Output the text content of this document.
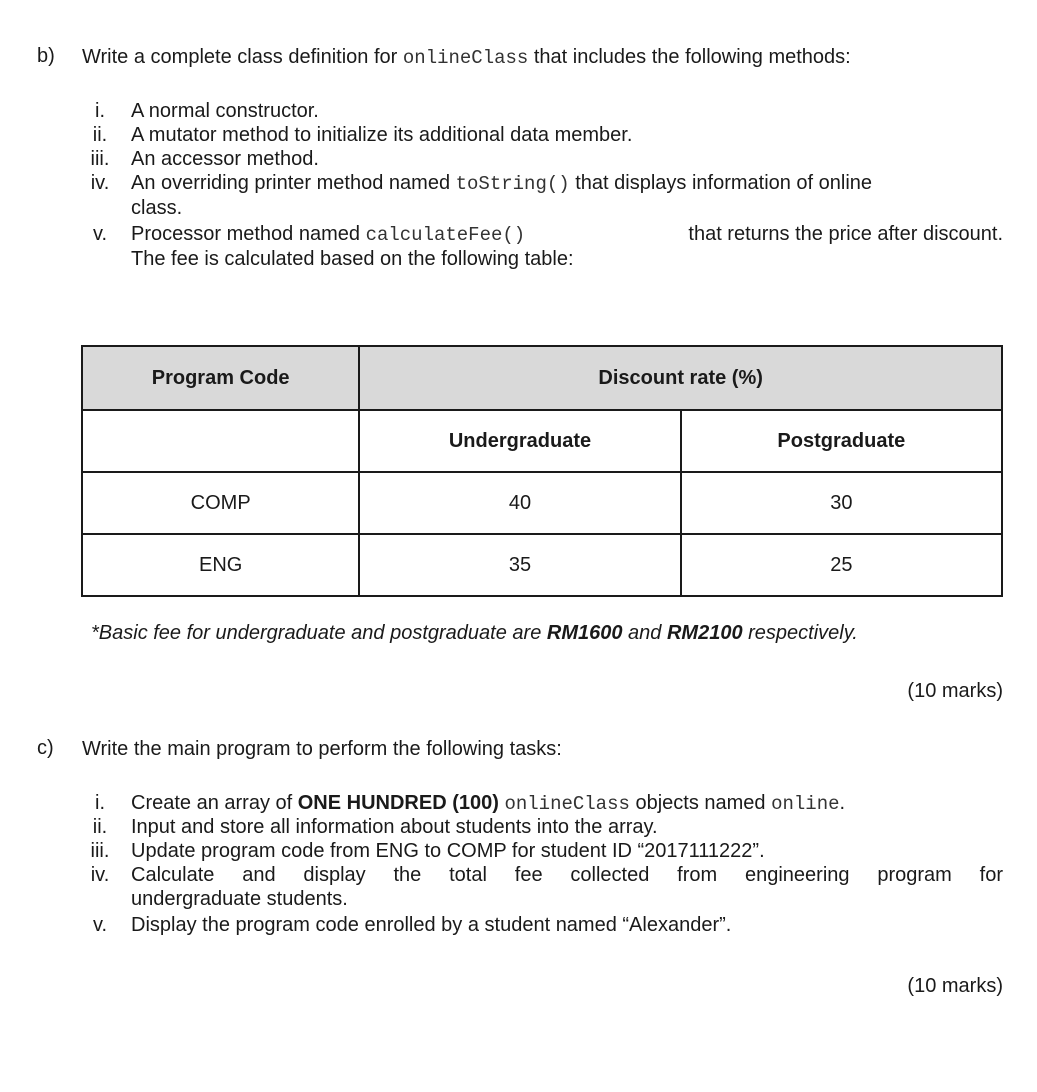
b) Write a complete class definition for onlineClass that includes the following methods:
i.	A normal constructor.
ii.	A mutator method to initialize its additional data member.
iii.	An accessor method.
iv.	An overriding printer method named toString() that displays information of online
class.
v.	Processor method named calculateFee()	that returns the price after discount.
The fee is calculated based on the following table:
Program Code	Discount rate (%)	
	Undergraduate	Postgraduate
COMP	40	30
ENG	35	25
*Basic fee for undergraduate and postgraduate are RM1600 and RM2100 respectively.
(10 marks)
c) Write the main program to perform the following tasks:
i.	Create an array of ONE HUNDRED (100) onlineClass objects named online.
ii.	Input and store all information about students into the array.
iii.	Update program code from ENG to COMP for student ID “2017111222”.
iv.	Calculate and display the total fee collected from engineering program for
undergraduate students.
v.	Display the program code enrolled by a student named “Alexander”.
(10 marks)
